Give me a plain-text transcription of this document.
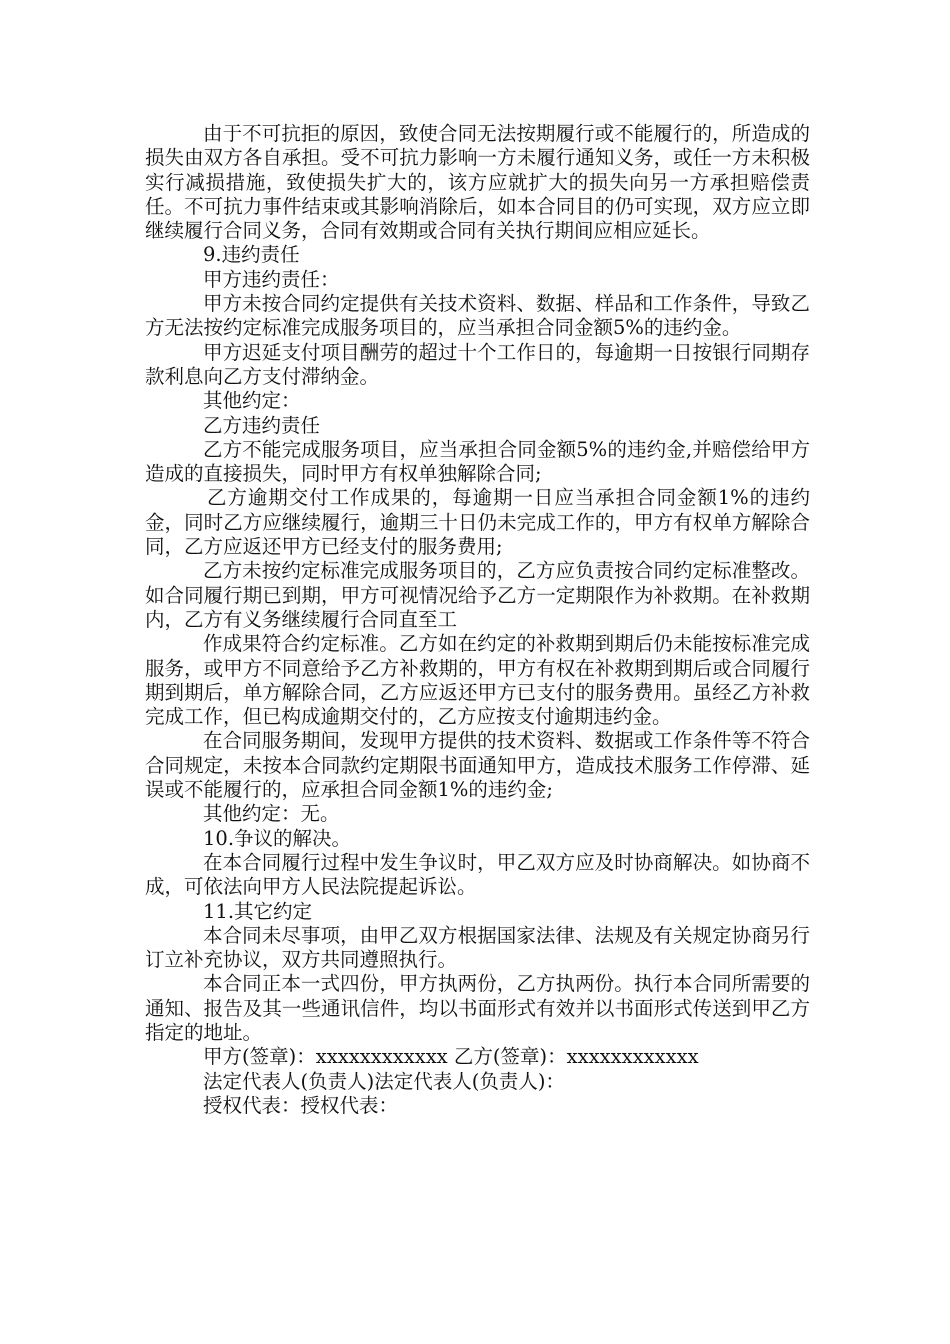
由于不可抗拒的原因，致使合同无法按期履行或不能履行的，所造成的损失由双方各自承担。受不可抗力影响一方未履行通知义务，或任一方未积极实行减损措施，致使损失扩大的，该方应就扩大的损失向另一方承担赔偿责任。不可抗力事件结束或其影响消除后，如本合同目的仍可实现，双方应立即继续履行合同义务，合同有效期或合同有关执行期间应相应延长。

9.违约责任

甲方违约责任：

甲方未按合同约定提供有关技术资料、数据、样品和工作条件，导致乙方无法按约定标准完成服务项目的，应当承担合同金额5%的违约金。

甲方迟延支付项目酬劳的超过十个工作日的，每逾期一日按银行同期存款利息向乙方支付滞纳金。

其他约定：

乙方违约责任

乙方不能完成服务项目，应当承担合同金额5%的违约金,并赔偿给甲方造成的直接损失，同时甲方有权单独解除合同;

乙方逾期交付工作成果的，每逾期一日应当承担合同金额1%的违约金，同时乙方应继续履行，逾期三十日仍未完成工作的，甲方有权单方解除合同，乙方应返还甲方已经支付的服务费用;

乙方未按约定标准完成服务项目的，乙方应负责按合同约定标准整改。如合同履行期已到期，甲方可视情况给予乙方一定期限作为补救期。在补救期内，乙方有义务继续履行合同直至工

作成果符合约定标准。乙方如在约定的补救期到期后仍未能按标准完成服务，或甲方不同意给予乙方补救期的，甲方有权在补救期到期后或合同履行期到期后，单方解除合同，乙方应返还甲方已支付的服务费用。虽经乙方补救完成工作，但已构成逾期交付的，乙方应按支付逾期违约金。

在合同服务期间，发现甲方提供的技术资料、数据或工作条件等不符合合同规定，未按本合同款约定期限书面通知甲方，造成技术服务工作停滞、延误或不能履行的，应承担合同金额1%的违约金;

其他约定：无。

10.争议的解决。

在本合同履行过程中发生争议时，甲乙双方应及时协商解决。如协商不成，可依法向甲方人民法院提起诉讼。

11.其它约定

本合同未尽事项，由甲乙双方根据国家法律、法规及有关规定协商另行订立补充协议，双方共同遵照执行。

本合同正本一式四份，甲方执两份，乙方执两份。执行本合同所需要的通知、报告及其一些通讯信件，均以书面形式有效并以书面形式传送到甲乙方指定的地址。

甲方(签章)：xxxxxxxxxxxx 乙方(签章)：xxxxxxxxxxxx

法定代表人(负责人)法定代表人(负责人)：

授权代表：授权代表：
